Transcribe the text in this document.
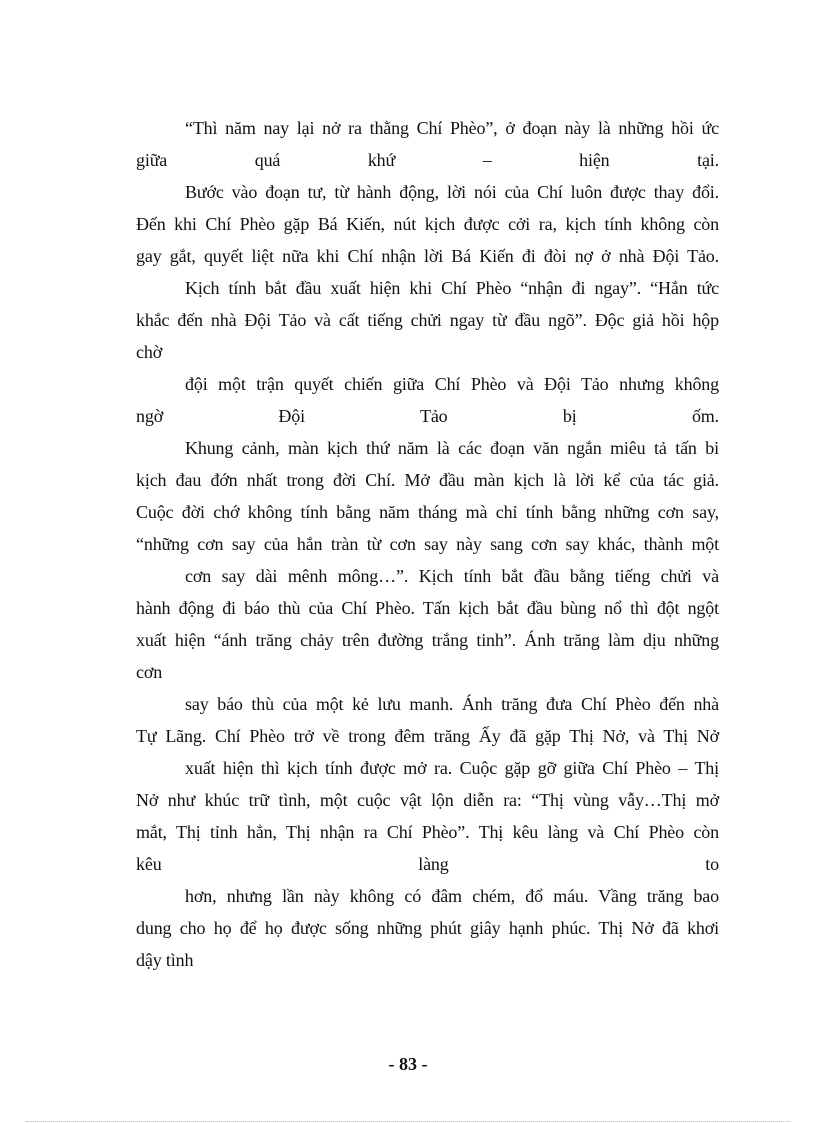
“Thì năm nay lại nở ra thằng Chí Phèo”, ở đoạn này là những hồi ức
giữa quá khứ – hiện tại.
Bước vào đoạn tư, từ hành động, lời nói của Chí luôn được thay đổi.
Đến khi Chí Phèo gặp Bá Kiến, nút kịch được cởi ra, kịch tính không còn
gay gắt, quyết liệt nữa khi Chí nhận lời Bá Kiến đi đòi nợ ở nhà Đội Tảo.
Kịch tính bắt đầu xuất hiện khi Chí Phèo “nhận đi ngay”. “Hắn tức
khắc đến nhà Đội Tảo và cất tiếng chửi ngay từ đầu ngõ”. Độc giả hồi hộp
chờ
đội một trận quyết chiến giữa Chí Phèo và Đội Tảo nhưng không
ngờ Đội Tảo bị ốm.
Khung cảnh, màn kịch thứ năm là các đoạn văn ngắn miêu tả tấn bi
kịch đau đớn nhất trong đời Chí. Mở đầu màn kịch là lời kể của tác giả.
Cuộc đời chớ không tính bằng năm tháng mà chỉ tính bằng những cơn say,
“những cơn say của hắn tràn từ cơn say này sang cơn say khác, thành một
cơn say dài mênh mông…”. Kịch tính bắt đầu bằng tiếng chửi và
hành động đi báo thù của Chí Phèo. Tấn kịch bắt đầu bùng nổ thì đột ngột
xuất hiện “ánh trăng chảy trên đường trắng tinh”. Ánh trăng làm dịu những
cơn
say báo thù của một kẻ lưu manh. Ánh trăng đưa Chí Phèo đến nhà
Tự Lãng. Chí Phèo trở về trong đêm trăng Ấy đã gặp Thị Nở, và Thị Nở
xuất hiện thì kịch tính được mở ra. Cuộc gặp gỡ giữa Chí Phèo – Thị
Nở như khúc trữ tình, một cuộc vật lộn diễn ra: “Thị vùng vẫy…Thị mở
mắt, Thị tỉnh hẳn, Thị nhận ra Chí Phèo”. Thị kêu làng và Chí Phèo còn
kêu làng to
hơn, nhưng lần này không có đâm chém, đổ máu. Vầng trăng bao
dung cho họ để họ được sống những phút giây hạnh phúc. Thị Nở đã khơi
dậy tình
- 83 -
